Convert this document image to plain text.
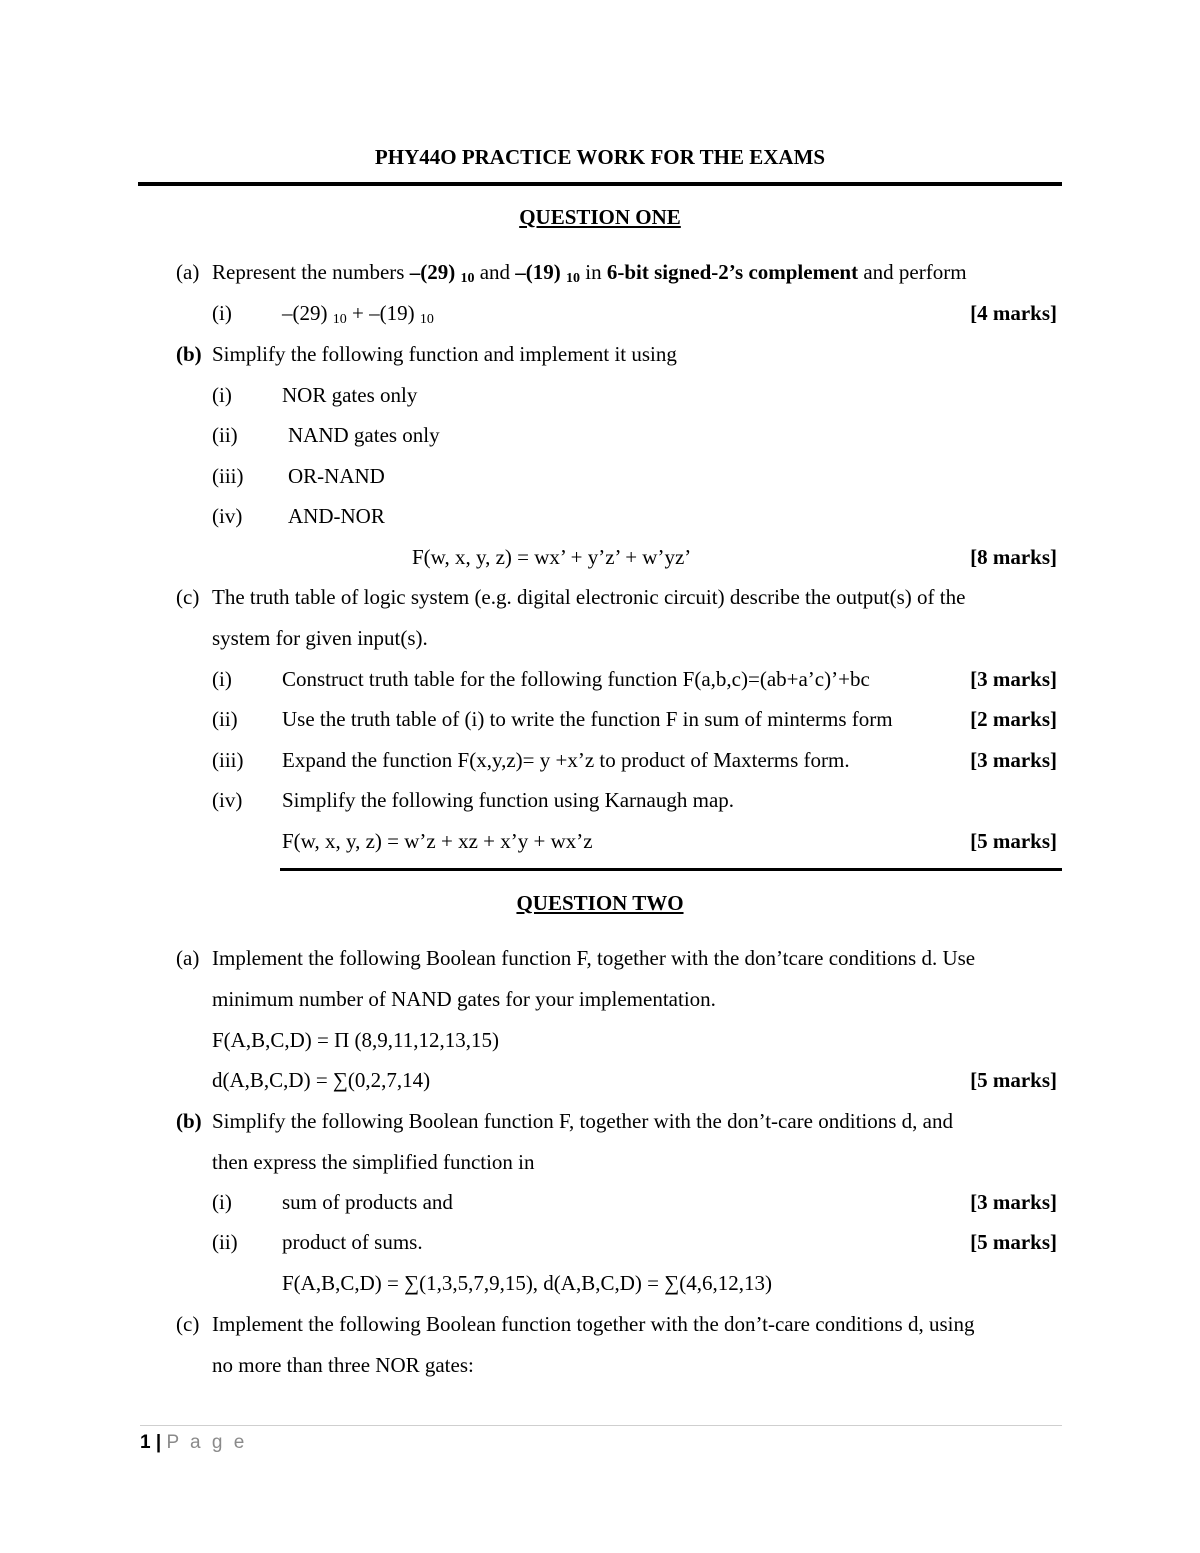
PHY44O PRACTICE WORK FOR THE EXAMS
QUESTION ONE
(a) Represent the numbers –(29) 10 and –(19) 10 in 6-bit signed-2’s complement and perform
(i) –(29) 10 + –(19) 10	[4 marks]
(b) Simplify the following function and implement it using
(i) NOR gates only
(ii) NAND gates only
(iii) OR-NAND
(iv) AND-NOR
F(w, x, y, z) = wx’ + y’z’ + w’yz’	[8 marks]
(c) The truth table of logic system (e.g. digital electronic circuit) describe the output(s) of the
system for given input(s).
(i) Construct truth table for the following function F(a,b,c)=(ab+a’c)’+bc	[3 marks]
(ii) Use the truth table of (i) to write the function F in sum of minterms form	[2 marks]
(iii) Expand the function F(x,y,z)= y +x’z to product of Maxterms form.	[3 marks]
(iv) Simplify the following function using Karnaugh map.
F(w, x, y, z) = w’z + xz + x’y + wx’z	[5 marks]
QUESTION TWO
(a) Implement the following Boolean function F, together with the don’tcare conditions d. Use
minimum number of NAND gates for your implementation.
F(A,B,C,D) = Π (8,9,11,12,13,15)
d(A,B,C,D) = ∑(0,2,7,14)	[5 marks]
(b) Simplify the following Boolean function F, together with the don’t-care onditions d, and
then express the simplified function in
(i) sum of products and	[3 marks]
(ii) product of sums.	[5 marks]
F(A,B,C,D) = ∑(1,3,5,7,9,15), d(A,B,C,D) = ∑(4,6,12,13)
(c) Implement the following Boolean function together with the don’t-care conditions d, using
no more than three NOR gates:
1 | P a g e
